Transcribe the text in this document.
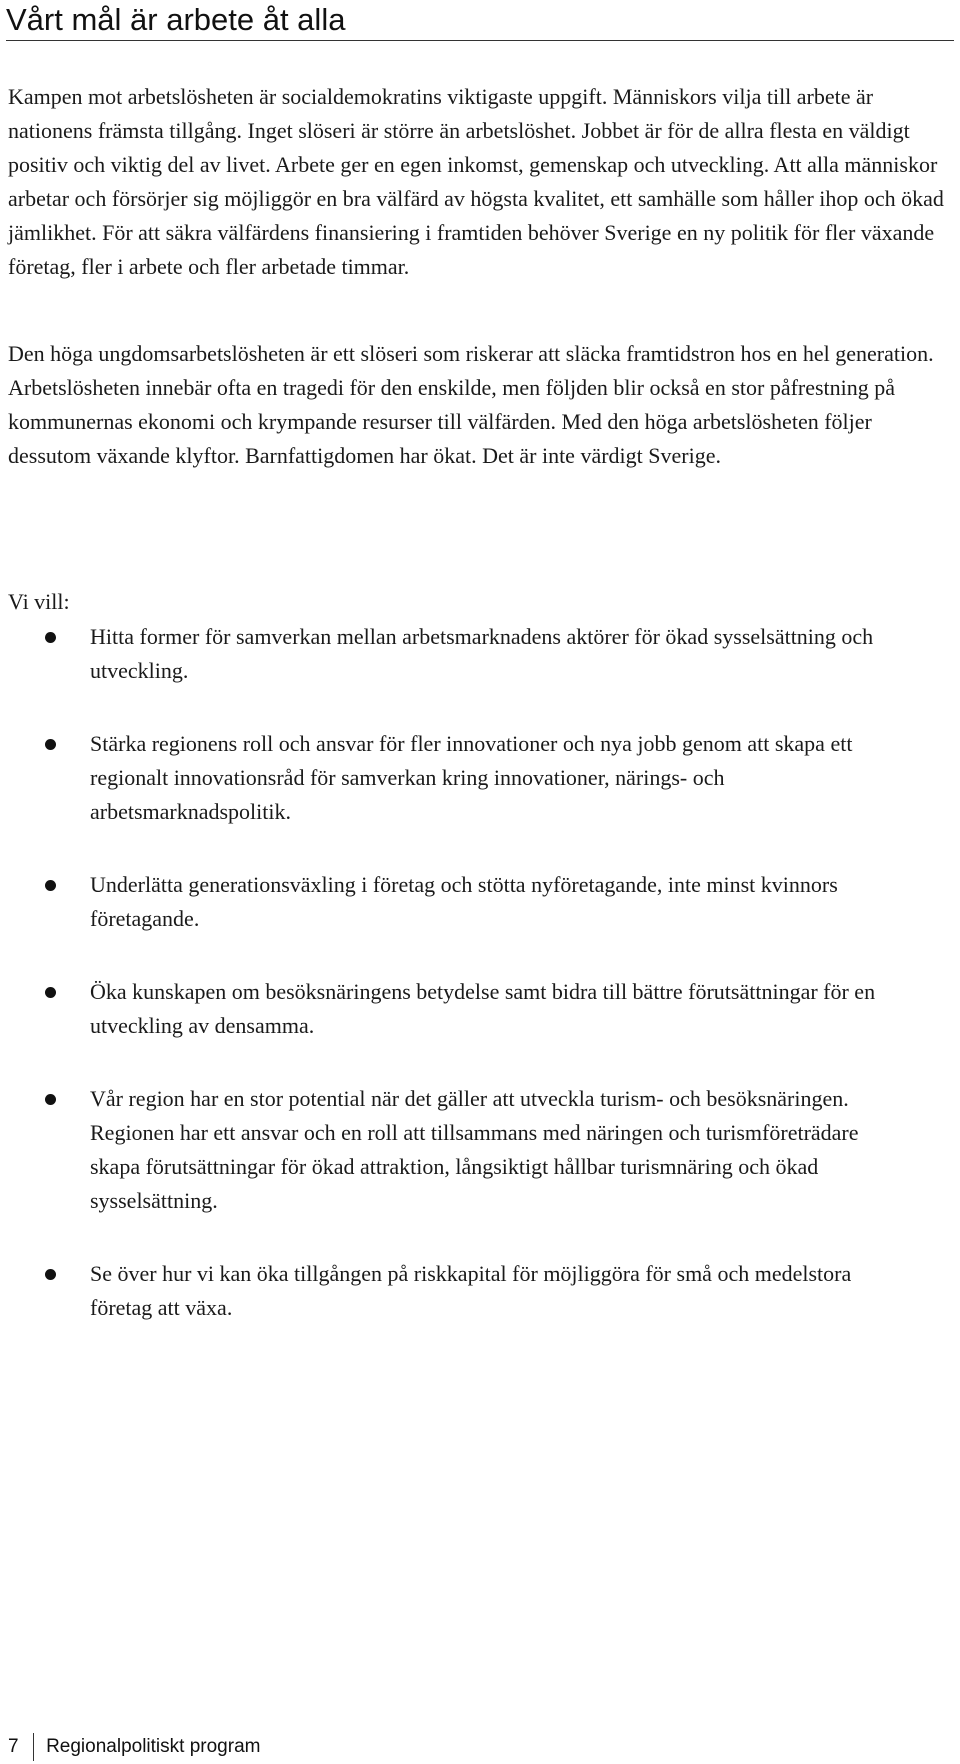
Vårt mål är arbete åt alla

Kampen mot arbetslösheten är socialdemokratins viktigaste uppgift. Människors vilja till arbete är nationens främsta tillgång. Inget slöseri är större än arbetslöshet. Jobbet är för de allra flesta en väldigt positiv och viktig del av livet. Arbete ger en egen inkomst, gemenskap och utveckling. Att alla människor arbetar och försörjer sig möjliggör en bra välfärd av högsta kvalitet, ett samhälle som håller ihop och ökad jämlikhet. För att säkra välfärdens finansiering i framtiden behöver Sverige en ny politik för fler växande företag, fler i arbete och fler arbetade timmar.

Den höga ungdomsarbetslösheten är ett slöseri som riskerar att släcka framtidstron hos en hel generation. Arbetslösheten innebär ofta en tragedi för den enskilde, men följden blir också en stor påfrestning på kommunernas ekonomi och krympande resurser till välfärden. Med den höga arbetslösheten följer dessutom växande klyftor. Barnfattigdomen har ökat. Det är inte värdigt Sverige.

Vi vill:

Hitta former för samverkan mellan arbetsmarknadens aktörer för ökad sysselsättning och utveckling.
Stärka regionens roll och ansvar för fler innovationer och nya jobb genom att skapa ett regionalt innovationsråd för samverkan kring innovationer, närings- och arbetsmarknadspolitik.
Underlätta generationsväxling i företag och stötta nyföretagande, inte minst kvinnors företagande.
Öka kunskapen om besöksnäringens betydelse samt bidra till bättre förutsättningar för en utveckling av densamma.
Vår region har en stor potential när det gäller att utveckla turism- och besöksnäringen. Regionen har ett ansvar och en roll att tillsammans med näringen och turismföreträdare skapa förutsättningar för ökad attraktion, långsiktigt hållbar turismnäring och ökad sysselsättning.
Se över hur vi kan öka tillgången på riskkapital för möjliggöra för små och medelstora företag att växa.
7	Regionalpolitiskt program
